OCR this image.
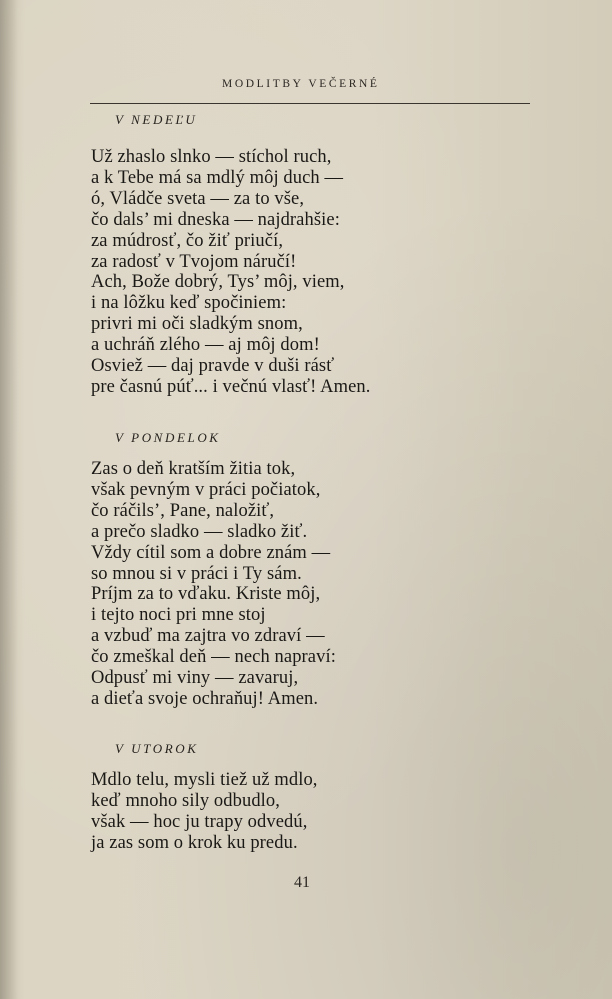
MODLITBY VEČERNÉ
V NEDEĽU
Už zhaslo slnko — stíchol ruch,
a k Tebe má sa mdlý môj duch —
ó, Vládče sveta — za to vše,
čo dals’ mi dneska — najdrahšie:
za múdrosť, čo žiť priučí,
za radosť v Tvojom náručí!
Ach, Bože dobrý, Tys’ môj, viem,
i na lôžku keď spočiniem:
privri mi oči sladkým snom,
a uchráň zlého — aj môj dom!
Osviež — daj pravde v duši rásť
pre časnú púť... i večnú vlasť! Amen.
V PONDELOK
Zas o deň kratším žitia tok,
však pevným v práci počiatok,
čo ráčils’, Pane, naložiť,
a prečo sladko — sladko žiť.
Vždy cítil som a dobre znám —
so mnou si v práci i Ty sám.
Príjm za to vďaku. Kriste môj,
i tejto noci pri mne stoj
a vzbuď ma zajtra vo zdraví —
čo zmeškal deň — nech napraví:
Odpusť mi viny — zavaruj,
a dieťa svoje ochraňuj! Amen.
V UTOROK
Mdlo telu, mysli tiež už mdlo,
keď mnoho sily odbudlo,
však — hoc ju trapy odvedú,
ja zas som o krok ku predu.
41
